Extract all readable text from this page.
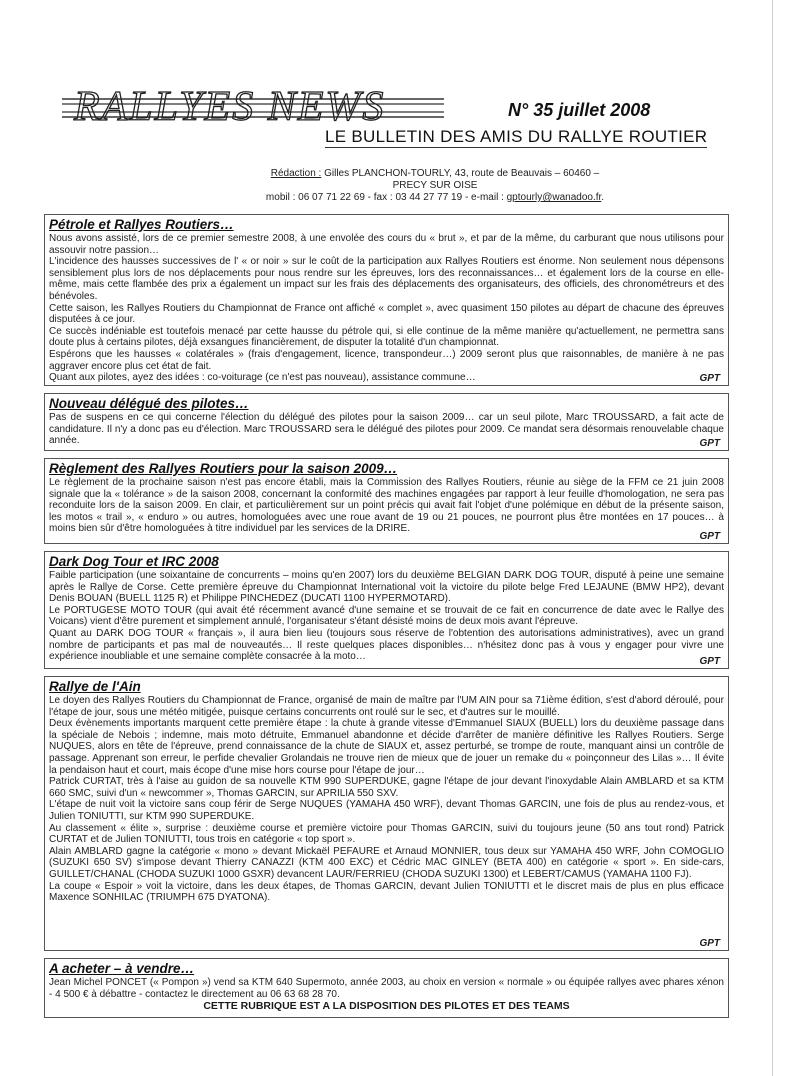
RALLYES NEWS	N° 35 juillet 2008
LE BULLETIN DES AMIS DU RALLYE ROUTIER
Rédaction : Gilles PLANCHON-TOURLY, 43, route de Beauvais – 60460 – PRECY SUR OISE
mobil : 06 07 71 22 69 - fax : 03 44 27 77 19 - e-mail : gptourly@wanadoo.fr.
Pétrole et Rallyes Routiers…

Nous avons assisté, lors de ce premier semestre 2008, à une envolée des cours du « brut », et par de la même, du carburant que nous utilisons pour assouvir notre passion…

L'incidence des hausses successives de l' « or noir » sur le coût de la participation aux Rallyes Routiers est énorme. Non seulement nous dépensons sensiblement plus lors de nos déplacements pour nous rendre sur les épreuves, lors des reconnaissances… et également lors de la course en elle-même, mais cette flambée des prix a également un impact sur les frais des déplacements des organisateurs, des officiels, des chronométreurs et des bénévoles.

Cette saison, les Rallyes Routiers du Championnat de France ont affiché « complet », avec quasiment 150 pilotes au départ de chacune des épreuves disputées à ce jour.

Ce succès indéniable est toutefois menacé par cette hausse du pétrole qui, si elle continue de la même manière qu'actuellement, ne permettra sans doute plus à certains pilotes, déjà exsangues financièrement, de disputer la totalité d'un championnat.

Espérons que les hausses « colatérales » (frais d'engagement, licence, transpondeur…) 2009 seront plus que raisonnables, de manière à ne pas aggraver encore plus cet état de fait.

Quant aux pilotes, ayez des idées : co-voiturage (ce n'est pas nouveau), assistance commune…	GPT
Nouveau délégué des pilotes…

Pas de suspens en ce qui concerne l'élection du délégué des pilotes pour la saison 2009… car un seul pilote, Marc TROUSSARD, a fait acte de candidature. Il n'y a donc pas eu d'élection. Marc TROUSSARD sera le délégué des pilotes pour 2009. Ce mandat sera désormais renouvelable chaque année.	GPT
Règlement des Rallyes Routiers pour la saison 2009…

Le règlement de la prochaine saison n'est pas encore établi, mais la Commission des Rallyes Routiers, réunie au siège de la FFM ce 21 juin 2008 signale que la « tolérance » de la saison 2008, concernant la conformité des machines engagées par rapport à leur feuille d'homologation, ne sera pas reconduite lors de la saison 2009. En clair, et particulièrement sur un point précis qui avait fait l'objet d'une polémique en début de la présente saison, les motos « trail », « enduro » ou autres, homologuées avec une roue avant de 19 ou 21 pouces, ne pourront plus être montées en 17 pouces… à moins bien sûr d'être homologuées à titre individuel par les services de la DRIRE.

GPT
Dark Dog Tour et IRC 2008

Faible participation (une soixantaine de concurrents – moins qu'en 2007) lors du deuxième BELGIAN DARK DOG TOUR, disputé à peine une semaine après le Rallye de Corse. Cette première épreuve du Championnat International voit la victoire du pilote belge Fred LEJAUNE (BMW HP2), devant Denis BOUAN (BUELL 1125 R) et Philippe PINCHEDEZ (DUCATI 1100 HYPERMOTARD).

Le PORTUGESE MOTO TOUR (qui avait été récemment avancé d'une semaine et se trouvait de ce fait en concurrence de date avec le Rallye des Voicans) vient d'être purement et simplement annulé, l'organisateur s'étant désisté moins de deux mois avant l'épreuve.

Quant au DARK DOG TOUR « français », il aura bien lieu (toujours sous réserve de l'obtention des autorisations administratives), avec un grand nombre de participants et pas mal de nouveautés… Il reste quelques places disponibles… n'hésitez donc pas à vous y engager pour vivre une expérience inoubliable et une semaine complète consacrée à la moto…	GPT
Rallye de l'Ain

Le doyen des Rallyes Routiers du Championnat de France, organisé de main de maître par l'UM AIN pour sa 71ième édition, s'est d'abord déroulé, pour l'étape de jour, sous une météo mitigée, puisque certains concurrents ont roulé sur le sec, et d'autres sur le mouillé.

Deux évènements importants marquent cette première étape : la chute à grande vitesse d'Emmanuel SIAUX (BUELL) lors du deuxième passage dans la spéciale de Nebois ; indemne, mais moto détruite, Emmanuel abandonne et décide d'arrêter de manière définitive les Rallyes Routiers. Serge NUQUES, alors en tête de l'épreuve, prend connaissance de la chute de SIAUX et, assez perturbé, se trompe de route, manquant ainsi un contrôle de passage. Apprenant son erreur, le perfide chevalier Grolandais ne trouve rien de mieux que de jouer un remake du « poinçonneur des Lilas »… Il évite la pendaison haut et court, mais écope d'une mise hors course pour l'étape de jour…

Patrick CURTAT, très à l'aise au guidon de sa nouvelle KTM 990 SUPERDUKE, gagne l'étape de jour devant l'inoxydable Alain AMBLARD et sa KTM 660 SMC, suivi d'un « newcommer », Thomas GARCIN, sur APRILIA 550 SXV.

L'étape de nuit voit la victoire sans coup férir de Serge NUQUES (YAMAHA 450 WRF), devant Thomas GARCIN, une fois de plus au rendez-vous, et Julien TONIUTTI, sur KTM 990 SUPERDUKE.

Au classement « élite », surprise : deuxième course et première victoire pour Thomas GARCIN, suivi du toujours jeune (50 ans tout rond) Patrick CURTAT et de Julien TONIUTTI, tous trois en catégorie « top sport ».

Alain AMBLARD gagne la catégorie « mono » devant Mickaël PEFAURE et Arnaud MONNIER, tous deux sur YAMAHA 450 WRF, John COMOGLIO (SUZUKI 650 SV) s'impose devant Thierry CANAZZI (KTM 400 EXC) et Cédric MAC GINLEY (BETA 400) en catégorie « sport ». En side-cars, GUILLET/CHANAL (CHODA SUZUKI 1000 GSXR) devancent LAUR/FERRIEU (CHODA SUZUKI 1300) et LEBERT/CAMUS (YAMAHA 1100 FJ).

La coupe « Espoir » voit la victoire, dans les deux étapes, de Thomas GARCIN, devant Julien TONIUTTI et le discret mais de plus en plus efficace Maxence SONHILAC (TRIUMPH 675 DYATONA).

GPT
A acheter – à vendre…

Jean Michel PONCET (« Pompon ») vend sa KTM 640 Supermoto, année 2003, au choix en version « normale » ou équipée rallyes avec phares xénon - 4 500 € à débattre - contactez le directement au 06 63 68 28 70.

CETTE RUBRIQUE EST A LA DISPOSITION DES PILOTES ET DES TEAMS
